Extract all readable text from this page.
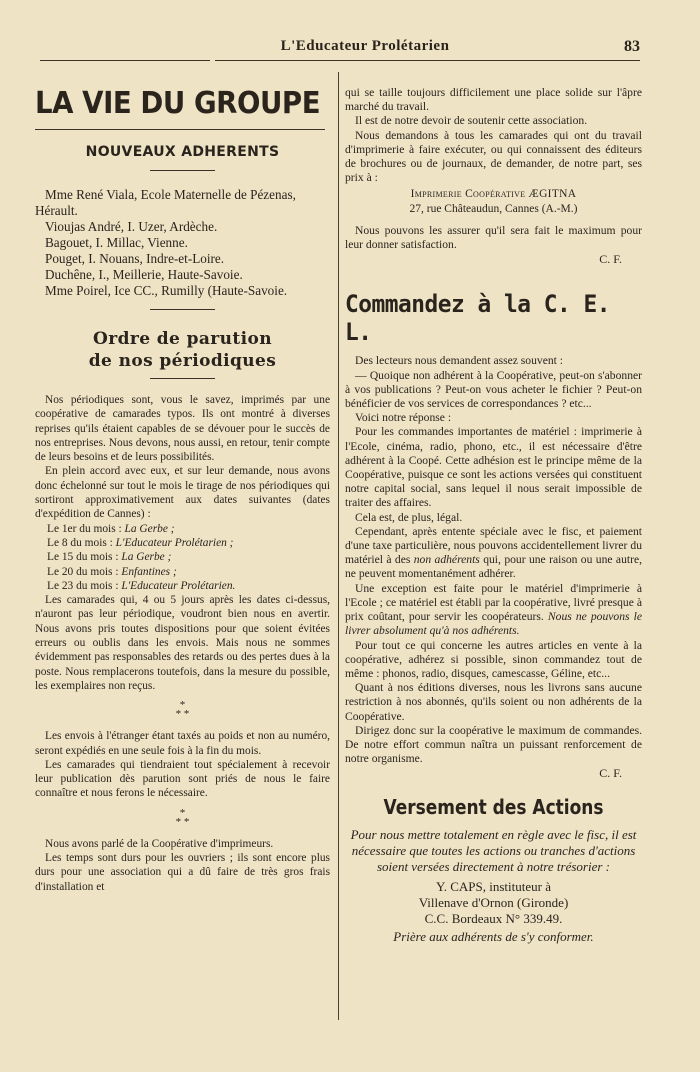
L'Educateur Prolétarien	83
LA VIE DU GROUPE
NOUVEAUX ADHERENTS

Mme René Viala, Ecole Maternelle de Pézenas, Hérault.

Vioujas André, I. Uzer, Ardèche.

Bagouet, I. Millac, Vienne.

Pouget, I. Nouans, Indre-et-Loire.

Duchêne, I., Meillerie, Haute-Savoie.

Mme Poirel, Ice CC., Rumilly (Haute-Savoie.

Ordre de parution
de nos périodiques

Nos périodiques sont, vous le savez, imprimés par une coopérative de camarades typos. Ils ont montré à diverses reprises qu'ils étaient capables de se dévouer pour le succès de nos entreprises. Nous devons, nous aussi, en retour, tenir compte de leurs besoins et de leurs possibilités.

En plein accord avec eux, et sur leur demande, nous avons donc échelonné sur tout le mois le tirage de nos périodiques qui sortiront approximativement aux dates suivantes (dates d'expédition de Cannes) :

Le 1er du mois : La Gerbe ;

Le 8 du mois : L'Educateur Prolétarien ;

Le 15 du mois : La Gerbe ;

Le 20 du mois : Enfantines ;

Le 23 du mois : L'Educateur Prolétarien.

Les camarades qui, 4 ou 5 jours après les dates ci-dessus, n'auront pas leur périodique, voudront bien nous en avertir. Nous avons pris toutes dispositions pour que soient évitées erreurs ou oublis dans les envois. Mais nous ne sommes évidemment pas responsables des retards ou des pertes dues à la poste. Nous remplacerons toutefois, dans la mesure du possible, les exemplaires non reçus.

*
* *

Les envois à l'étranger étant taxés au poids et non au numéro, seront expédiés en une seule fois à la fin du mois.

Les camarades qui tiendraient tout spécialement à recevoir leur publication dès parution sont priés de nous le faire connaître et nous ferons le nécessaire.

*
* *

Nous avons parlé de la Coopérative d'imprimeurs.

Les temps sont durs pour les ouvriers ; ils sont encore plus durs pour une association qui a dû faire de très gros frais d'installation et

qui se taille toujours difficilement une place solide sur l'âpre marché du travail.

Il est de notre devoir de soutenir cette association.

Nous demandons à tous les camarades qui ont du travail d'imprimerie à faire exécuter, ou qui connaissent des éditeurs de brochures ou de journaux, de demander, de notre part, ses prix à :

Imprimerie Coopérative ÆGITNA
27, rue Châteaudun, Cannes (A.-M.)

Nous pouvons les assurer qu'il sera fait le maximum pour leur donner satisfaction.

C. F.
Commandez à la C. E. L.

Des lecteurs nous demandent assez souvent :

— Quoique non adhérent à la Coopérative, peut-on s'abonner à vos publications ? Peut-on vous acheter le fichier ? Peut-on bénéficier de vos services de correspondances ? etc...

Voici notre réponse :

Pour les commandes importantes de matériel : imprimerie à l'Ecole, cinéma, radio, phono, etc., il est nécessaire d'être adhérent à la Coopé. Cette adhésion est le principe même de la Coopérative, puisque ce sont les actions versées qui constituent notre capital social, sans lequel il nous serait impossible de traiter des affaires.

Cela est, de plus, légal.

Cependant, après entente spéciale avec le fisc, et paiement d'une taxe particulière, nous pouvons accidentellement livrer du matériel à des non adhérents qui, pour une raison ou une autre, ne peuvent momentanément adhérer.

Une exception est faite pour le matériel d'imprimerie à l'Ecole ; ce matériel est établi par la coopérative, livré presque à prix coûtant, pour servir les coopérateurs. Nous ne pouvons le livrer absolument qu'à nos adhérents.

Pour tout ce qui concerne les autres articles en vente à la coopérative, adhérez si possible, sinon commandez tout de même : phonos, radio, disques, camescasse, Géline, etc...

Quant à nos éditions diverses, nous les livrons sans aucune restriction à nos abonnés, qu'ils soient ou non adhérents de la Coopérative.

Dirigez donc sur la coopérative le maximum de commandes. De notre effort commun naîtra un puissant renforcement de notre organisme.

C. F.
Versement des Actions
Pour nous mettre totalement en règle avec le fisc, il est nécessaire que toutes les actions ou tranches d'actions soient versées directement à notre trésorier :
Y. CAPS, instituteur à
Villenave d'Ornon (Gironde)
C.C. Bordeaux N° 339.49.
Prière aux adhérents de s'y conformer.
